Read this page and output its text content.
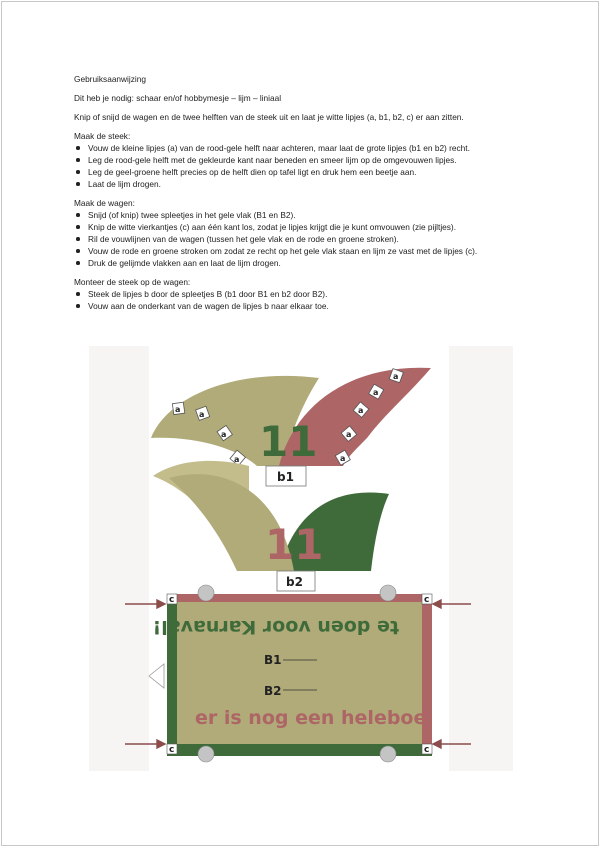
Gebruiksaanwijzing

Dit heb je nodig: schaar en/of hobbymesje – lijm – liniaal

Knip of snijd de wagen en de twee helften van de steek uit en laat je witte lipjes (a, b1, b2, c) er aan zitten.

Maak de steek:

Vouw de kleine lipjes (a) van de rood-gele helft naar achteren, maar laat de grote lipjes (b1 en b2) recht.
Leg de rood-gele helft met de gekleurde kant naar beneden en smeer lijm op de omgevouwen lipjes.
Leg de geel-groene helft precies op de helft dien op tafel ligt en druk hem een beetje aan.
Laat de lijm drogen.

Maak de wagen:

Snijd (of knip) twee spleetjes in het gele vlak (B1 en B2).
Knip de witte vierkantjes (c) aan één kant los, zodat je lipjes krijgt die je kunt omvouwen (zie pijltjes).
Ril de vouwlijnen van de wagen (tussen het gele vlak en de rode en groene stroken).
Vouw de rode en groene stroken om zodat ze recht op het gele vlak staan en lijm ze vast met de lipjes (c).
Druk de gelijmde vlakken aan en laat de lijm drogen.

Monteer de steek op de wagen:

Steek de lipjes b door de spleetjes B (b1 door B1 en b2 door B2).
Vouw aan de onderkant van de wagen de lipjes b naar elkaar toe.
11
a
a
a
a
a
a
a
a
a
b1
11
b2
c	c
c	c
te doen voor Karnaval!
B1
B2
er is nog een heleboel
